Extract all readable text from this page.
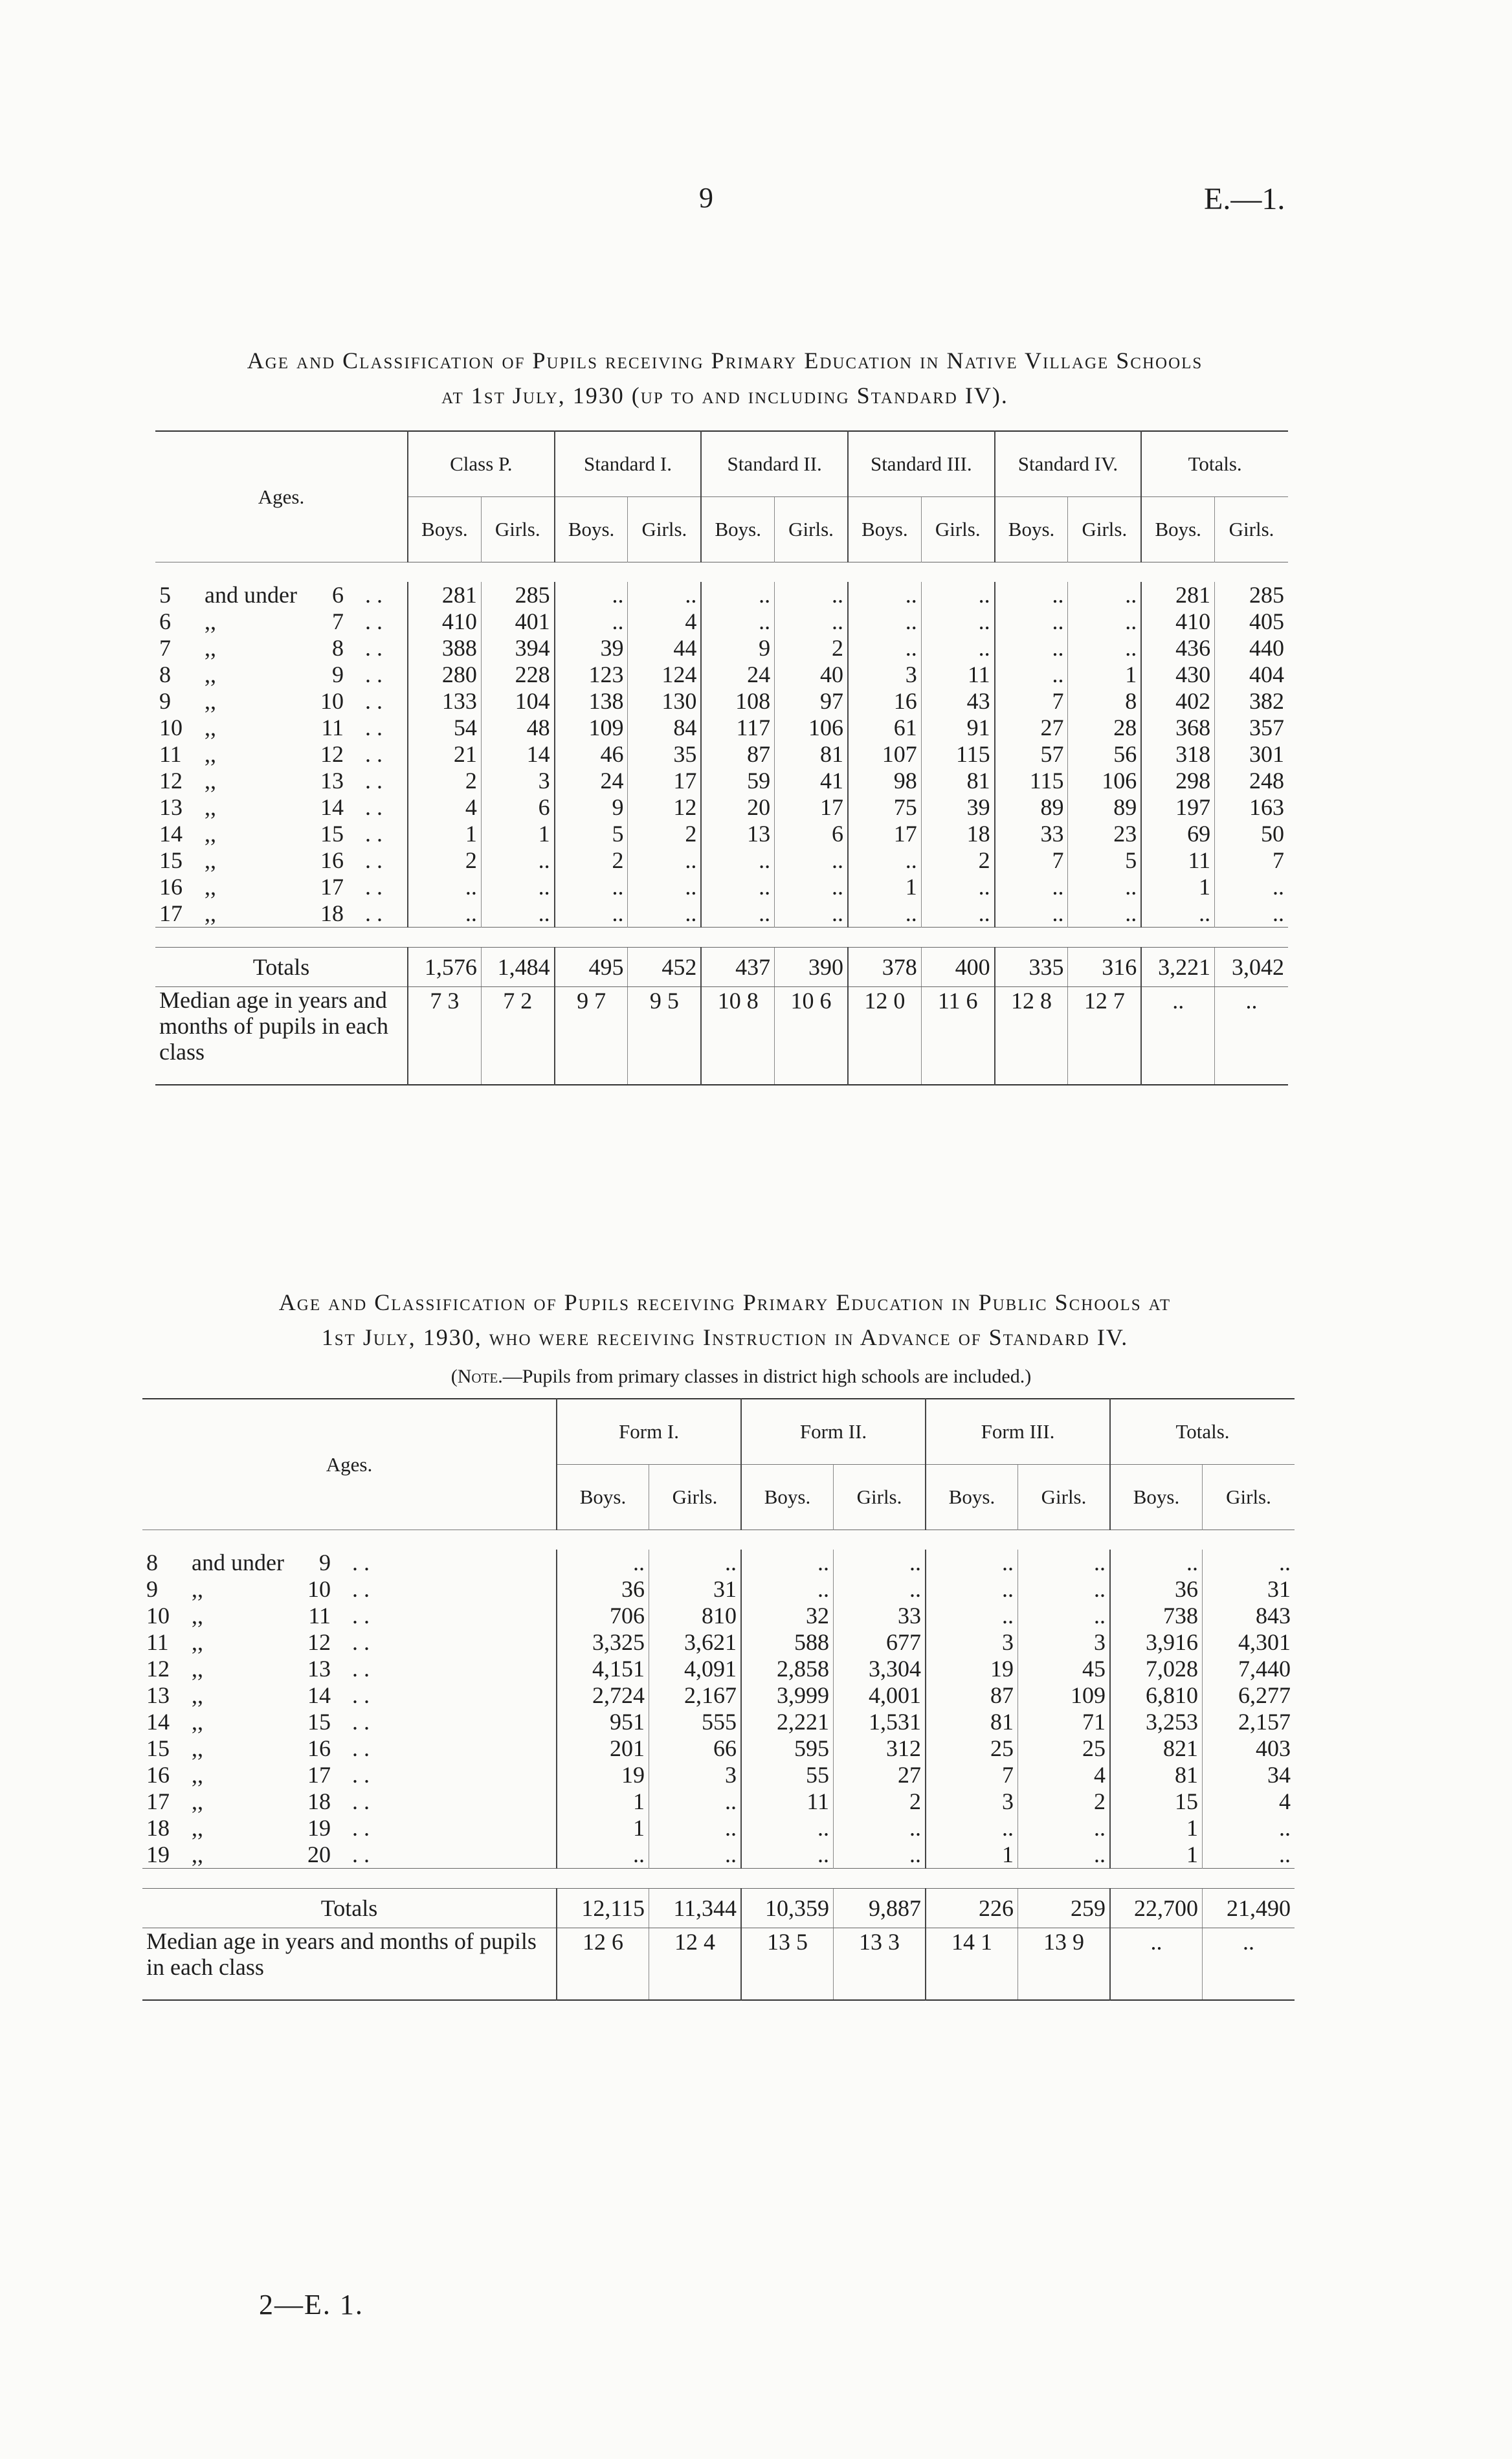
9	E.—1.
Age and Classification of Pupils receiving Primary Education in Native Village Schools
at 1st July, 1930 (up to and including Standard IV).
Ages.	Class P.		Standard I.		Standard II.		Standard III.		Standard IV.		Totals.	
	Boys.	Girls.	Boys.	Girls.	Boys.	Girls.	Boys.	Girls.	Boys.	Girls.	Boys.	Girls.

5 and under 6 . .	281	285	..	..	..	..	..	..	..	..	281	285
6 ,, 7 . .	410	401	..	4	..	..	..	..	..	..	410	405
7 ,, 8 . .	388	394	39	44	9	2	..	..	..	..	436	440
8 ,, 9 . .	280	228	123	124	24	40	3	11	..	1	430	404
9 ,, 10 . .	133	104	138	130	108	97	16	43	7	8	402	382
10 ,, 11 . .	54	48	109	84	117	106	61	91	27	28	368	357
11 ,, 12 . .	21	14	46	35	87	81	107	115	57	56	318	301
12 ,, 13 . .	2	3	24	17	59	41	98	81	115	106	298	248
13 ,, 14 . .	4	6	9	12	20	17	75	39	89	89	197	163
14 ,, 15 . .	1	1	5	2	13	6	17	18	33	23	69	50
15 ,, 16 . .	2	..	2	..	..	..	..	2	7	5	11	7
16 ,, 17 . .	..	..	..	..	..	..	1	..	..	..	1	..
17 ,, 18 . .	..	..	..	..	..	..	..	..	..	..	..	..

Totals	1,576	1,484	495	452	437	390	378	400	335	316	3,221	3,042
Median age in years and months of pupils in each class	7 3	7 2	9 7	9 5	10 8	10 6	12 0	11 6	12 8	12 7	..	..
Age and Classification of Pupils receiving Primary Education in Public Schools at
1st July, 1930, who were receiving Instruction in Advance of Standard IV.
(Note.—Pupils from primary classes in district high schools are included.)
Ages.	Form I.		Form II.		Form III.		Totals.	
	Boys.	Girls.	Boys.	Girls.	Boys.	Girls.	Boys.	Girls.

8 and under 9 . .	..	..	..	..	..	..	..	..
9 ,, 10 . .	36	31	..	..	..	..	36	31
10 ,, 11 . .	706	810	32	33	..	..	738	843
11 ,, 12 . .	3,325	3,621	588	677	3	3	3,916	4,301
12 ,, 13 . .	4,151	4,091	2,858	3,304	19	45	7,028	7,440
13 ,, 14 . .	2,724	2,167	3,999	4,001	87	109	6,810	6,277
14 ,, 15 . .	951	555	2,221	1,531	81	71	3,253	2,157
15 ,, 16 . .	201	66	595	312	25	25	821	403
16 ,, 17 . .	19	3	55	27	7	4	81	34
17 ,, 18 . .	1	..	11	2	3	2	15	4
18 ,, 19 . .	1	..	..	..	..	..	1	..
19 ,, 20 . .	..	..	..	..	1	..	1	..

Totals	12,115	11,344	10,359	9,887	226	259	22,700	21,490
Median age in years and months of pupils in each class	12 6	12 4	13 5	13 3	14 1	13 9	..	..
2—E. 1.
